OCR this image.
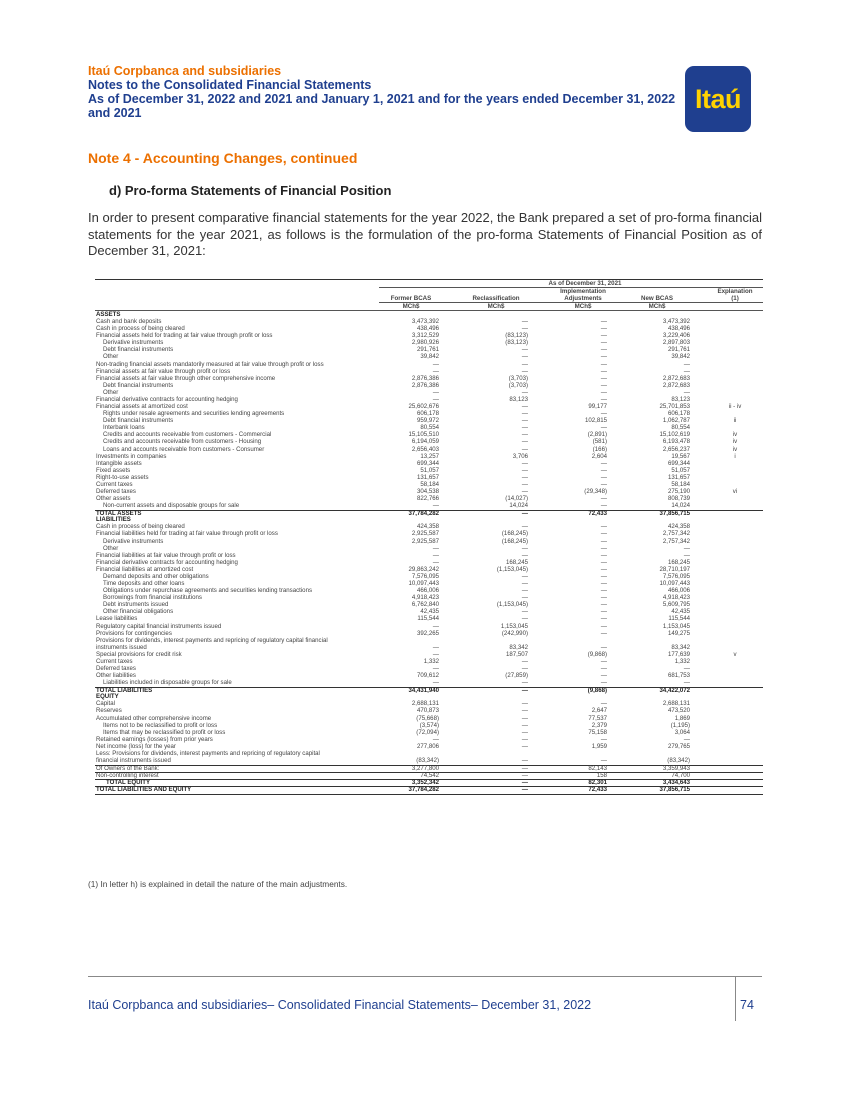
Itaú Corpbanca and subsidiaries
Notes to the Consolidated Financial Statements
As of December 31, 2022 and 2021 and January 1, 2021 and for the years ended December 31, 2022
and 2021	Itaú
Note 4 - Accounting Changes, continued
d) Pro-forma Statements of Financial Position
In order to present comparative financial statements for the year 2022, the Bank prepared a set of pro-forma financial statements for the year 2021, as follows is the formulation of the pro-forma Statements of Financial Position as of December 31, 2021:
As of December 31, 2021
Implementation	Explanation
Former BCAS	Reclassification	Adjustments	New BCAS	(1)
MCh$	MCh$	MCh$	MCh$
ASSETS
Cash and bank deposits	3,473,392	—	—	3,473,392
Cash in process of being cleared	438,496	—	—	438,496
Financial assets held for trading at fair value through profit or loss	3,312,529	(83,123)	—	3,229,406
Derivative instruments	2,980,926	(83,123)	—	2,897,803
Debt financial instruments	291,761	—	—	291,761
Other	39,842	—	—	39,842
Non-trading financial assets mandatorily measured at fair value through profit or loss	—	—	—	—
Financial assets at fair value through profit or loss	—	—	—	—
Financial assets at fair value through other comprehensive income	2,876,386	(3,703)	—	2,872,683
Debt financial instruments	2,876,386	(3,703)	—	2,872,683
Other	—	—	—	—
Financial derivative contracts for accounting hedging	—	83,123	—	83,123
Financial assets at amortized cost	25,602,676	—	99,177	25,701,853	ii - iv
Rights under resale agreements and securities lending agreements	606,178	—	—	606,178
Debt financial instruments	959,972	—	102,815	1,062,787	ii
Interbank loans	80,554	—	—	80,554
Credits and accounts receivable from customers - Commercial	15,105,510	—	(2,891)	15,102,619	iv
Credits and accounts receivable from customers - Housing	6,194,059	—	(581)	6,193,478	iv
Loans and accounts receivable from customers - Consumer	2,656,403	—	(166)	2,656,237	iv
Investments in companies	13,257	3,706	2,604	19,567	i
Intangible assets	699,344	—	—	699,344
Fixed assets	51,057	—	—	51,057
Right-to-use assets	131,657	—	—	131,657
Current taxes	58,184	—	—	58,184
Deferred taxes	304,538	—	(29,348)	275,190	vi
Other assets	822,766	(14,027)	—	808,739
Non-current assets and disposable groups for sale	—	14,024	—	14,024
TOTAL ASSETS	37,784,282	—	72,433	37,856,715
LIABILITIES
Cash in process of being cleared	424,358	—	—	424,358
Financial liabilities held for trading at fair value through profit or loss	2,925,587	(168,245)	—	2,757,342
Derivative instruments	2,925,587	(168,245)	—	2,757,342
Other	—	—	—	—
Financial liabilities at fair value through profit or loss	—	—	—	—
Financial derivative contracts for accounting hedging	—	168,245	—	168,245
Financial liabilities at amortized cost	29,863,242	(1,153,045)	—	28,710,197
Demand deposits and other obligations	7,576,095	—	—	7,576,095
Time deposits and other loans	10,097,443	—	—	10,097,443
Obligations under repurchase agreements and securities lending transactions	466,006	—	—	466,006
Borrowings from financial institutions	4,918,423	—	—	4,918,423
Debt instruments issued	6,762,840	(1,153,045)	—	5,609,795
Other financial obligations	42,435	—	—	42,435
Lease liabilities	115,544	—	—	115,544
Regulatory capital financial instruments issued	—	1,153,045	—	1,153,045
Provisions for contingencies	392,265	(242,990)	—	149,275
Provisions for dividends, interest payments and repricing of regulatory capital financial
instruments issued	—	83,342	—	83,342
Special provisions for credit risk	—	187,507	(9,868)	177,639	v
Current taxes	1,332	—	—	1,332
Deferred taxes	—	—	—	—
Other liabilities	709,612	(27,859)	—	681,753
Liabilities included in disposable groups for sale	—	—	—	—
TOTAL LIABILITIES	34,431,940	—	(9,868)	34,422,072
EQUITY
Capital	2,688,131	—	—	2,688,131
Reserves	470,873	—	2,647	473,520
Accumulated other comprehensive income	(75,668)	—	77,537	1,869
Items not to be reclassified to profit or loss	(3,574)	—	2,379	(1,195)
Items that may be reclassified to profit or loss	(72,094)	—	75,158	3,064
Retained earnings (losses) from prior years	—	—	—	—
Net income (loss) for the year	277,806	—	1,959	279,765
Less: Provisions for dividends, interest payments and repricing of regulatory capital
financial instruments issued	(83,342)	—	—	(83,342)
Of Owners of the Bank:	3,277,800	—	82,143	3,359,943
Non-controlling interest	74,542	—	158	74,700
TOTAL EQUITY	3,352,342	—	82,301	3,434,643
TOTAL LIABILITIES AND EQUITY	37,784,282	—	72,433	37,856,715
(1) In letter h) is explained in detail the nature of the main adjustments.
Itaú Corpbanca and subsidiaries– Consolidated Financial Statements– December 31, 2022	74
